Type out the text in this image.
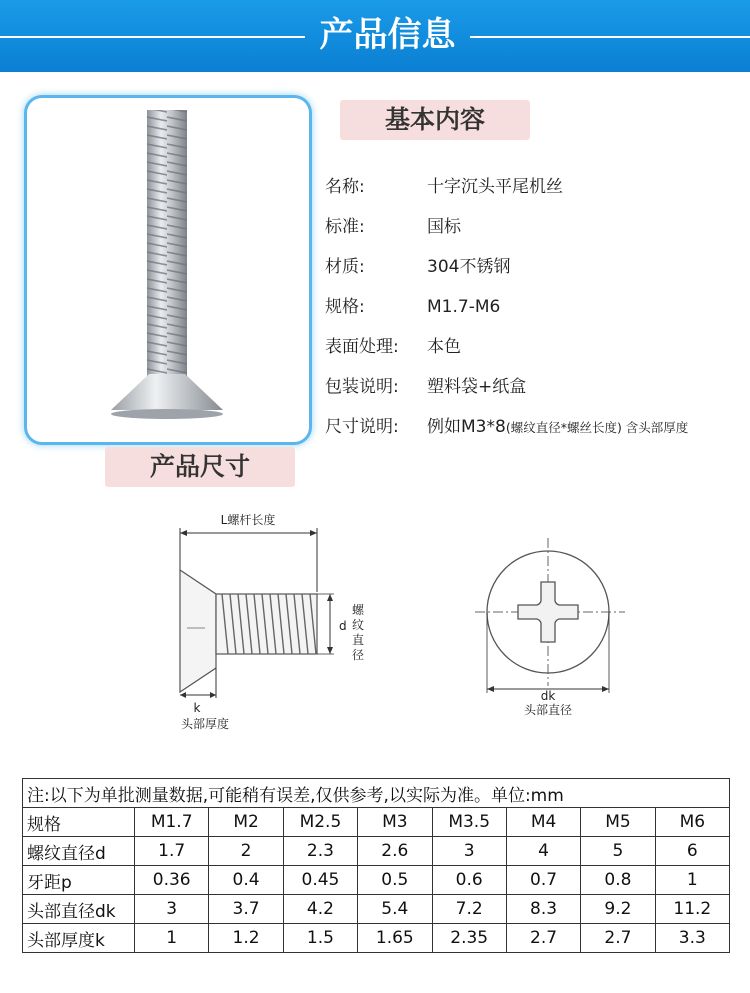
产品信息
基本内容
产品尺寸
名称:	十字沉头平尾机丝
标准:	国标
材质:	304不锈钢
规格:	M1.7-M6
表面处理: 本色
包装说明: 塑料袋+纸盒
尺寸说明: 例如M3*8(螺纹直径*螺丝长度) 含头部厚度
L螺杆长度
d
螺
纹
直
径
k
头部厚度
dk
头部直径
注:以下为单批测量数据,可能稍有误差,仅供参考,以实际为准。单位:mm								
规格	M1.7	M2	M2.5	M3	M3.5	M4	M5	M6
螺纹直径d	1.7	2	2.3	2.6	3	4	5	6
牙距p	0.36	0.4	0.45	0.5	0.6	0.7	0.8	1
头部直径dk	3	3.7	4.2	5.4	7.2	8.3	9.2	11.2
头部厚度k	1	1.2	1.5	1.65	2.35	2.7	2.7	3.3
